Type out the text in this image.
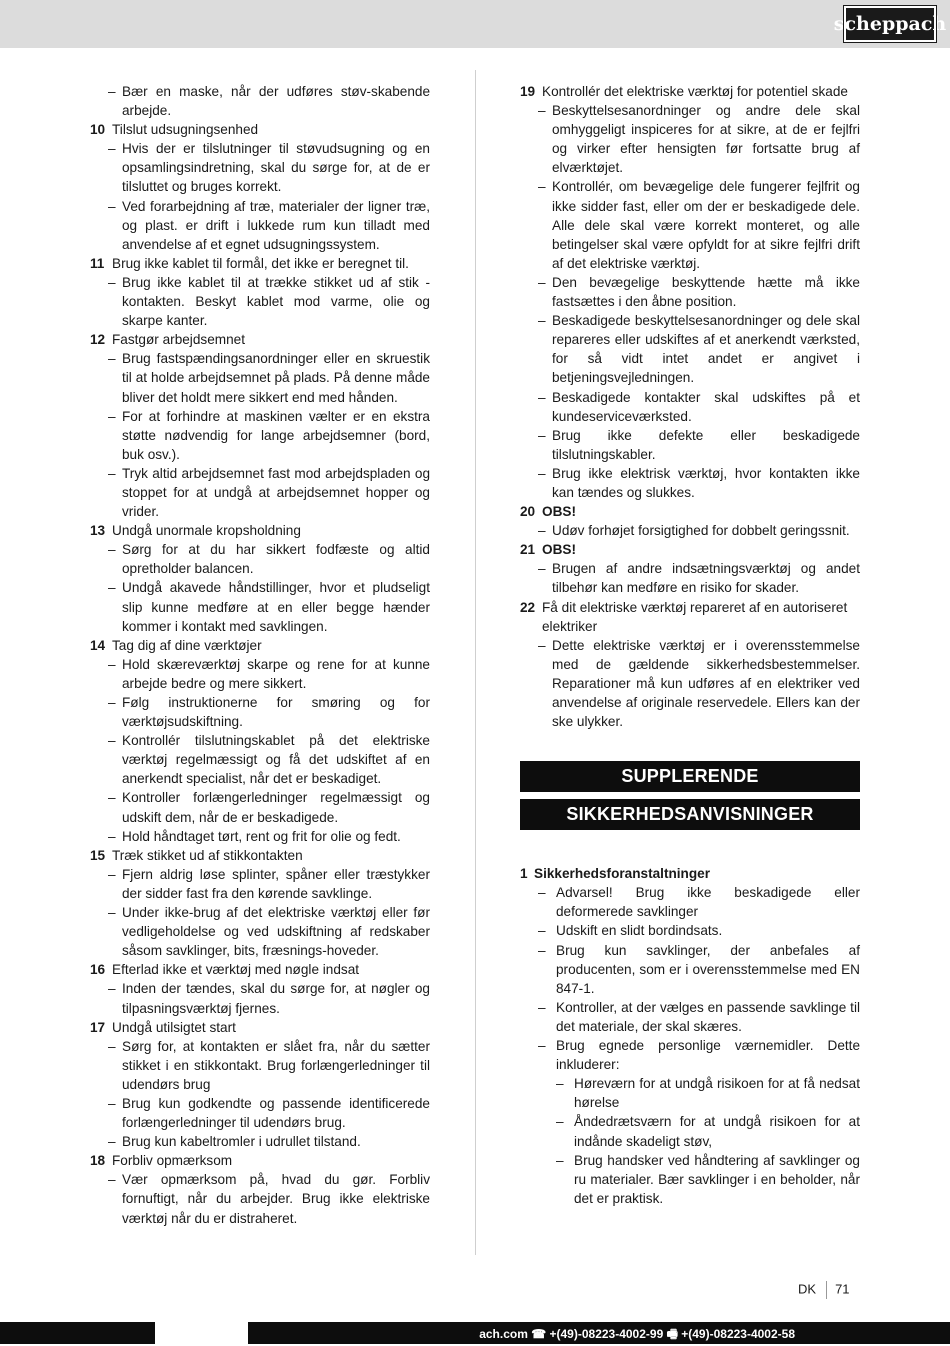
scheppach
– Bær en maske, når der udføres støv-skabende arbejde.
10 Tilslut udsugningsenhed
– Hvis der er tilslutninger til støvudsugning og en opsamlingsindretning, skal du sørge for, at de er tilsluttet og bruges korrekt.
– Ved forarbejdning af træ, materialer der ligner træ, og plast. er drift i lukkede rum kun tilladt med anvendelse af et egnet udsugningssystem.
11 Brug ikke kablet til formål, det ikke er beregnet til.
– Brug ikke kablet til at trække stikket ud af stik - kontakten. Beskyt kablet mod varme, olie og skarpe kanter.
12 Fastgør arbejdsemnet
– Brug fastspændingsanordninger eller en skruestik til at holde arbejdsemnet på plads. På denne måde bliver det holdt mere sikkert end med hånden.
– For at forhindre at maskinen vælter er en ekstra støtte nødvendig for lange arbejdsemner (bord, buk osv.).
– Tryk altid arbejdsemnet fast mod arbejdspladen og stoppet for at undgå at arbejdsemnet hopper og vrider.
13 Undgå unormale kropsholdning
– Sørg for at du har sikkert fodfæste og altid opretholder balancen.
– Undgå akavede håndstillinger, hvor et pludseligt slip kunne medføre at en eller begge hænder kommer i kontakt med savklingen.
14 Tag dig af dine værktøjer
– Hold skæreværktøj skarpe og rene for at kunne arbejde bedre og mere sikkert.
– Følg instruktionerne for smøring og for værktøjsudskiftning.
– Kontrollér tilslutningskablet på det elektriske værktøj regelmæssigt og få det udskiftet af en anerkendt specialist, når det er beskadiget.
– Kontroller forlængerledninger regelmæssigt og udskift dem, når de er beskadigede.
– Hold håndtaget tørt, rent og frit for olie og fedt.
15 Træk stikket ud af stikkontakten
– Fjern aldrig løse splinter, spåner eller træstykker der sidder fast fra den kørende savklinge.
– Under ikke-brug af det elektriske værktøj eller før vedligeholdelse og ved udskiftning af redskaber såsom savklinger, bits, fræsnings-hoveder.
16 Efterlad ikke et værktøj med nøgle indsat
– Inden der tændes, skal du sørge for, at nøgler og tilpasningsværktøj fjernes.
17 Undgå utilsigtet start
– Sørg for, at kontakten er slået fra, når du sætter stikket i en stikkontakt. Brug forlængerledninger til udendørs brug
– Brug kun godkendte og passende identificerede forlængerledninger til udendørs brug.
– Brug kun kabeltromler i udrullet tilstand.
18 Forbliv opmærksom
– Vær opmærksom på, hvad du gør. Forbliv fornuftigt, når du arbejder. Brug ikke elektriske værktøj når du er distraheret.
19 Kontrollér det elektriske værktøj for potentiel skade
– Beskyttelsesanordninger og andre dele skal omhyggeligt inspiceres for at sikre, at de er fejlfri og virker efter hensigten før fortsatte brug af elværktøjet.
– Kontrollér, om bevægelige dele fungerer fejlfrit og ikke sidder fast, eller om der er beskadigede dele. Alle dele skal være korrekt monteret, og alle betingelser skal være opfyldt for at sikre fejlfri drift af det elektriske værktøj.
– Den bevægelige beskyttende hætte må ikke fastsættes i den åbne position.
– Beskadigede beskyttelsesanordninger og dele skal repareres eller udskiftes af et anerkendt værksted, for så vidt intet andet er angivet i betjeningsvejledningen.
– Beskadigede kontakter skal udskiftes på et kundeserviceværksted.
– Brug ikke defekte eller beskadigede tilslutningskabler.
– Brug ikke elektrisk værktøj, hvor kontakten ikke kan tændes og slukkes.
20 OBS!
– Udøv forhøjet forsigtighed for dobbelt geringssnit.
21 OBS!
– Brugen af andre indsætningsværktøj og andet tilbehør kan medføre en risiko for skader.
22 Få dit elektriske værktøj repareret af en autoriseret elektriker
– Dette elektriske værktøj er i overensstemmelse med de gældende sikkerhedsbestemmelser. Reparationer må kun udføres af en elektriker ved anvendelse af originale reservedele. Ellers kan der ske ulykker.
SUPPLERENDE
SIKKERHEDSANVISNINGER
1 Sikkerhedsforanstaltninger
– Advarsel! Brug ikke beskadigede eller deformerede savklinger
– Udskift en slidt bordindsats.
– Brug kun savklinger, der anbefales af producenten, som er i overensstemmelse med EN 847-1.
– Kontroller, at der vælges en passende savklinge til det materiale, der skal skæres.
– Brug egnede personlige værnemidler. Dette inkluderer:
– Høreværn for at undgå risikoen for at få nedsat hørelse
– Åndedrætsværn for at undgå risikoen for at indånde skadeligt støv,
– Brug handsker ved håndtering af savklinger og ru materialer. Bær savklinger i en beholder, når det er praktisk.
DK 71
ach.com ☎ +(49)-08223-4002-99 🖷 +(49)-08223-4002-58
